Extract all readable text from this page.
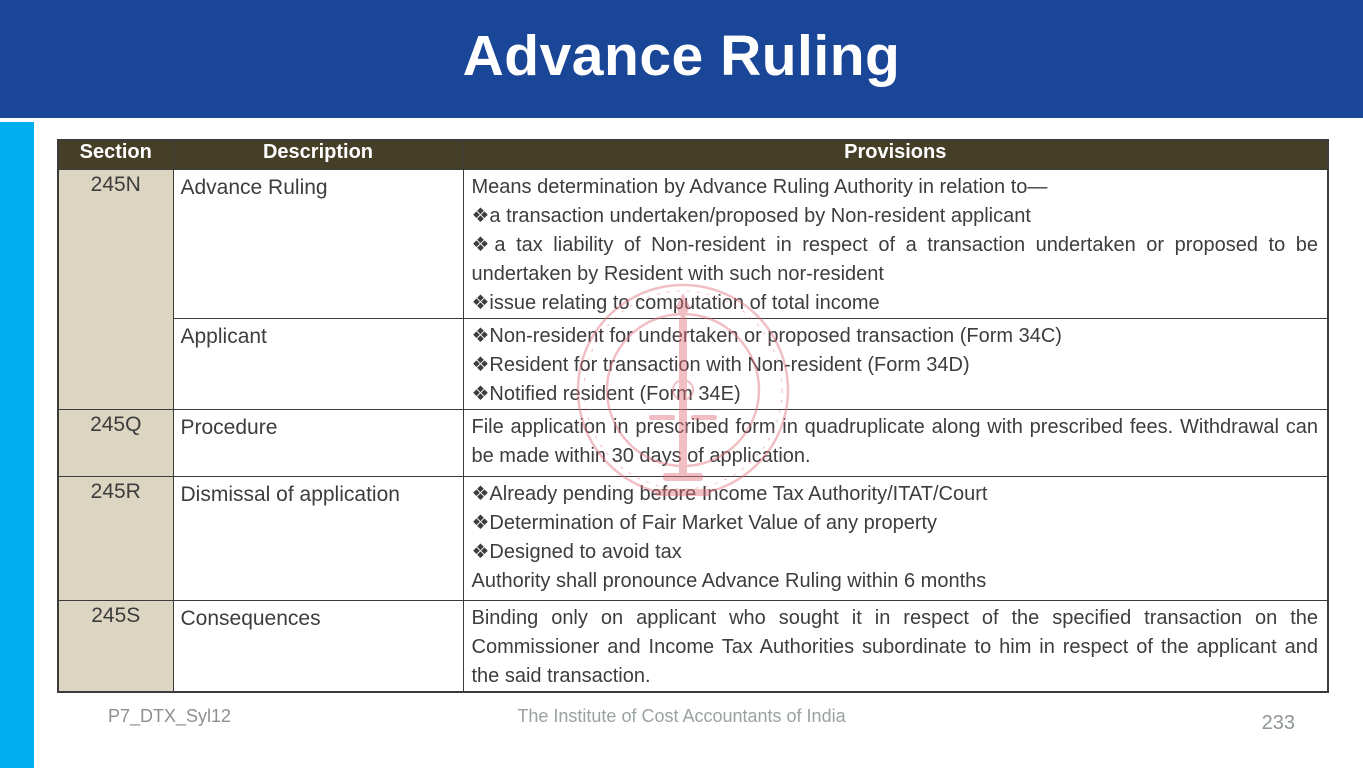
Advance Ruling
Section	Description	Provisions
245N	Advance Ruling	Means determination by Advance Ruling Authority in relation to—
❖a transaction undertaken/proposed by Non-resident applicant
❖a tax liability of Non-resident in respect of a transaction undertaken or proposed to be undertaken by Resident with such nor-resident
❖issue relating to computation of total income

	Applicant	❖Non-resident for undertaken or proposed transaction (Form 34C)
❖Resident for transaction with Non-resident (Form 34D)
❖Notified resident (Form 34E)

245Q	Procedure	File application in prescribed form in quadruplicate along with prescribed fees. Withdrawal can be made within 30 days of application.

245R	Dismissal of application	❖Already pending before Income Tax Authority/ITAT/Court
❖Determination of Fair Market Value of any property
❖Designed to avoid tax
Authority shall pronounce Advance Ruling within 6 months

245S	Consequences	Binding only on applicant who sought it in respect of the specified transaction on the Commissioner and Income Tax Authorities subordinate to him in respect of the applicant and the said transaction.
P7_DTX_Syl12	The Institute of Cost Accountants of India	233
